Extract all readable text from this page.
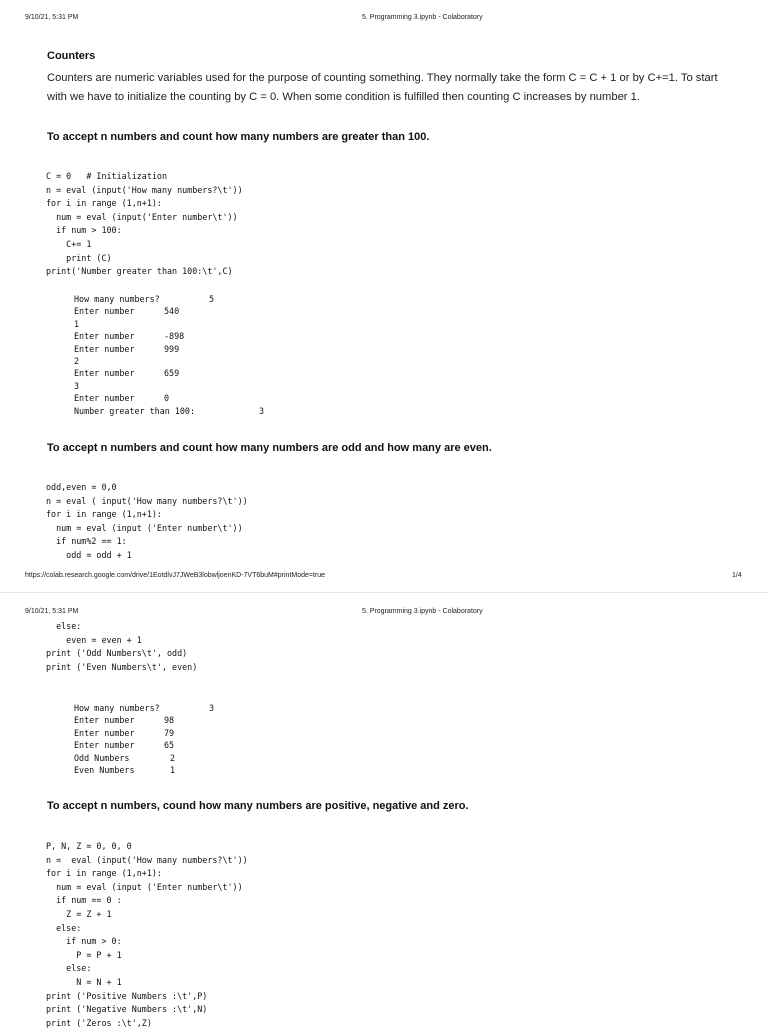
9/10/21, 5:31 PM	5. Programming 3.ipynb - Colaboratory
Counters
Counters are numeric variables used for the purpose of counting something. They normally take the form C = C + 1 or by C+=1. To start with we have to initialize the counting by C = 0. When some condition is fulfilled then counting C increases by number 1.
To accept n numbers and count how many numbers are greater than 100.
C = 0   # Initialization
n = eval (input('How many numbers?\t'))
for i in range (1,n+1):
num = eval (input('Enter number\t'))
if num > 100:
C+= 1
print (C)
print('Number greater than 100:\t',C)
How many numbers?	5
Enter number	540
1
Enter number	-898
Enter number	999
2
Enter number	659
3
Enter number	0
Number greater than 100:	3
To accept n numbers and count how many numbers are odd and how many are even.
odd,even = 0,0
n = eval ( input('How many numbers?\t'))
for i in range (1,n+1):
num = eval (input ('Enter number\t'))
if num%2 == 1:
odd = odd + 1
https://colab.research.google.com/drive/1EotdlvJ7JWeB3lobwljoenKD-7VT6buM#printMode=true	1/4
9/10/21, 5:31 PM	5. Programming 3.ipynb - Colaboratory
else:
even = even + 1
print ('Odd Numbers\t', odd)
print ('Even Numbers\t', even)
How many numbers?	3
Enter number	98
Enter number	79
Enter number	65
Odd Numbers	2
Even Numbers	1
To accept n numbers, cound how many numbers are positive, negative and zero.
P, N, Z = 0, 0, 0
n =  eval (input('How many numbers?\t'))
for i in range (1,n+1):
num = eval (input ('Enter number\t'))
if num == 0 :
Z = Z + 1
else:
if num > 0:
P = P + 1
else:
N = N + 1
print ('Positive Numbers :\t',P)
print ('Negative Numbers :\t',N)
print ('Zeros :\t',Z)
